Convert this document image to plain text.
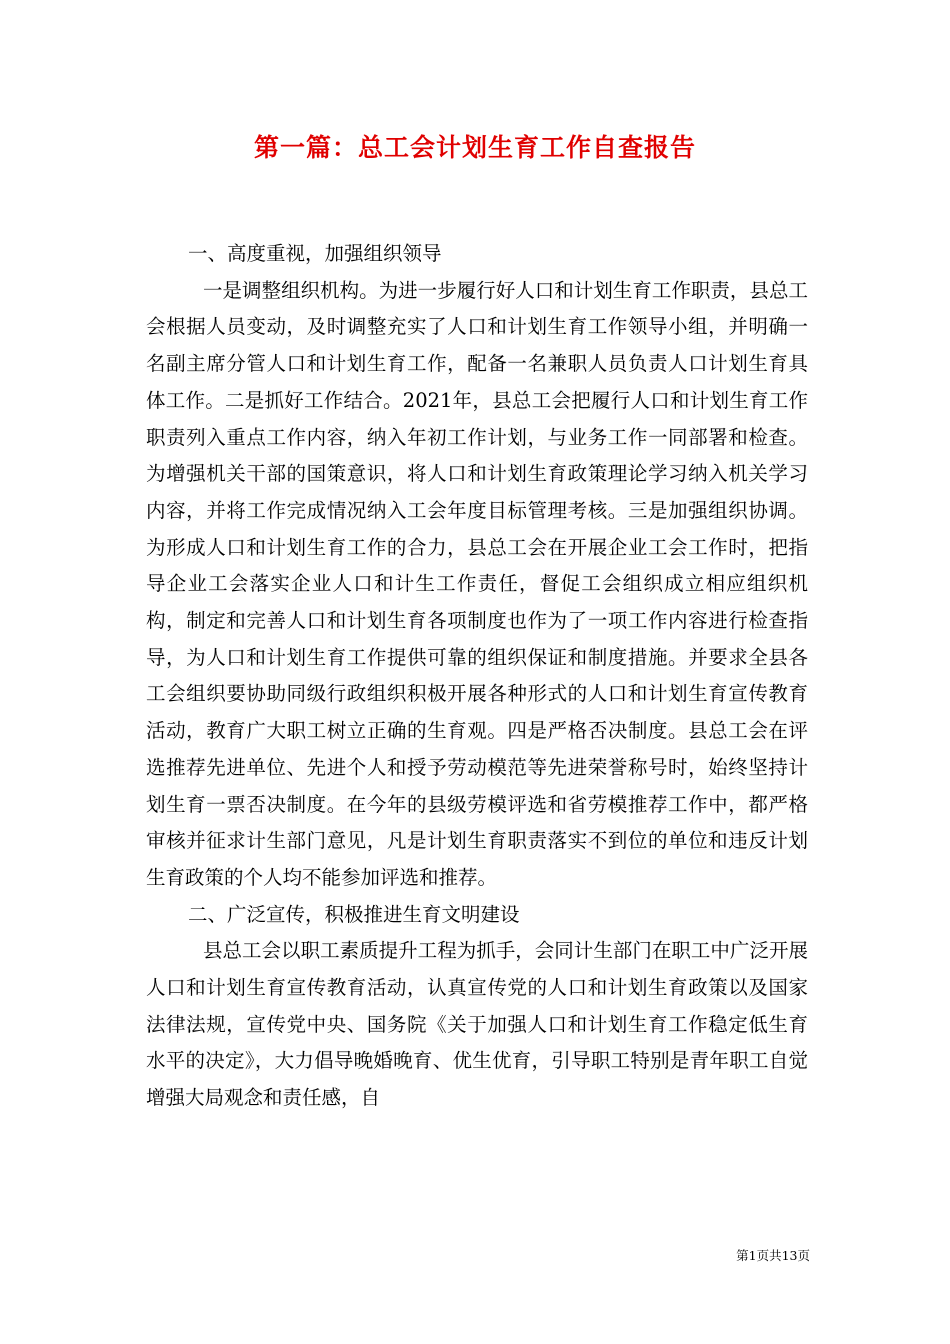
第一篇：总工会计划生育工作自查报告

一、高度重视，加强组织领导

一是调整组织机构。为进一步履行好人口和计划生育工作职责，县总工会根据人员变动，及时调整充实了人口和计划生育工作领导小组，并明确一名副主席分管人口和计划生育工作，配备一名兼职人员负责人口计划生育具体工作。二是抓好工作结合。2021年，县总工会把履行人口和计划生育工作职责列入重点工作内容，纳入年初工作计划，与业务工作一同部署和检查。为增强机关干部的国策意识，将人口和计划生育政策理论学习纳入机关学习内容，并将工作完成情况纳入工会年度目标管理考核。三是加强组织协调。为形成人口和计划生育工作的合力，县总工会在开展企业工会工作时，把指导企业工会落实企业人口和计生工作责任，督促工会组织成立相应组织机构，制定和完善人口和计划生育各项制度也作为了一项工作内容进行检查指导，为人口和计划生育工作提供可靠的组织保证和制度措施。并要求全县各工会组织要协助同级行政组织积极开展各种形式的人口和计划生育宣传教育活动，教育广大职工树立正确的生育观。四是严格否决制度。县总工会在评选推荐先进单位、先进个人和授予劳动模范等先进荣誉称号时，始终坚持计划生育一票否决制度。在今年的县级劳模评选和省劳模推荐工作中，都严格审核并征求计生部门意见，凡是计划生育职责落实不到位的单位和违反计划生育政策的个人均不能参加评选和推荐。

二、广泛宣传，积极推进生育文明建设

县总工会以职工素质提升工程为抓手，会同计生部门在职工中广泛开展人口和计划生育宣传教育活动，认真宣传党的人口和计划生育政策以及国家法律法规，宣传党中央、国务院《关于加强人口和计划生育工作稳定低生育水平的决定》，大力倡导晚婚晚育、优生优育，引导职工特别是青年职工自觉增强大局观念和责任感，自

第1页共13页
